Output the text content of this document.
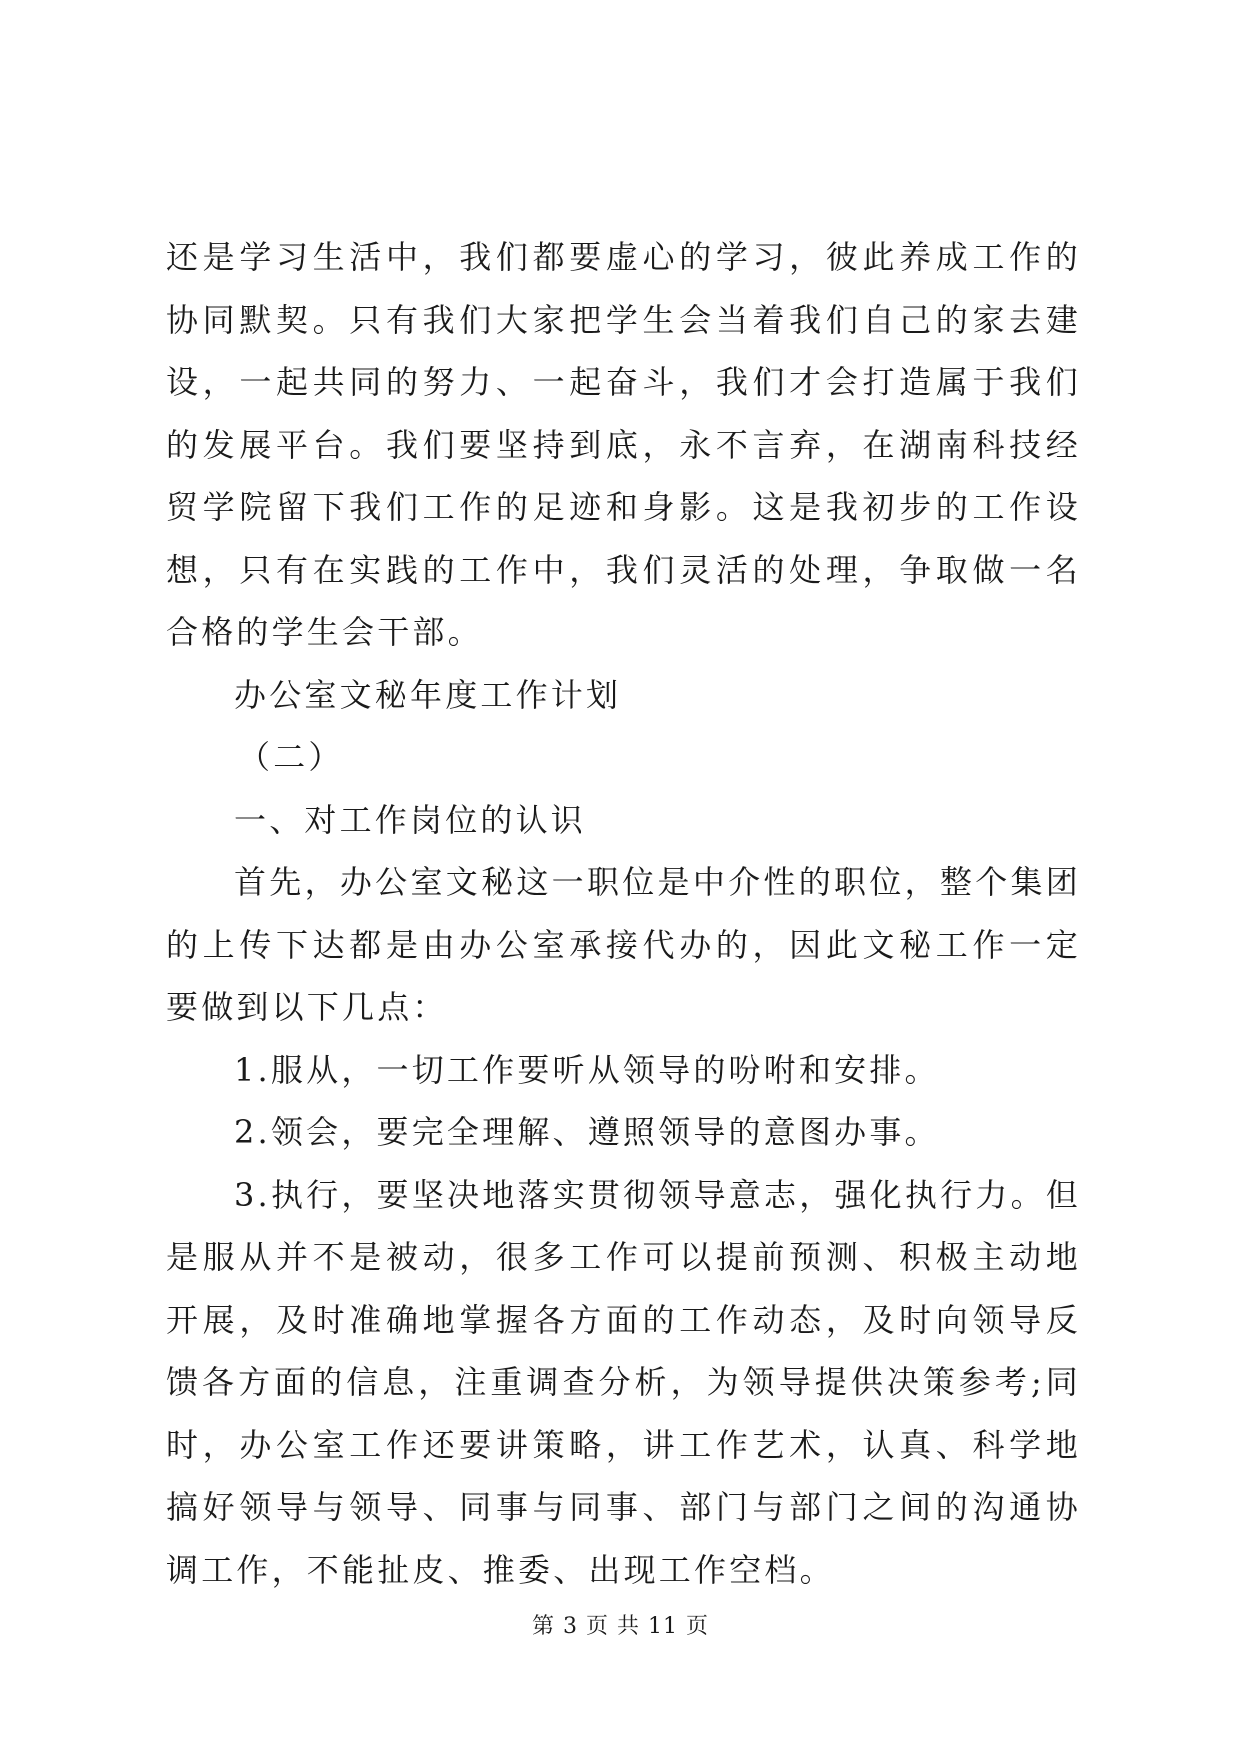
还是学习生活中，我们都要虚心的学习，彼此养成工作的协同默契。只有我们大家把学生会当着我们自己的家去建设，一起共同的努力、一起奋斗，我们才会打造属于我们的发展平台。我们要坚持到底，永不言弃，在湖南科技经贸学院留下我们工作的足迹和身影。这是我初步的工作设想，只有在实践的工作中，我们灵活的处理，争取做一名合格的学生会干部。

办公室文秘年度工作计划

（二）

一、对工作岗位的认识

首先，办公室文秘这一职位是中介性的职位，整个集团的上传下达都是由办公室承接代办的，因此文秘工作一定要做到以下几点：

1.服从，一切工作要听从领导的吩咐和安排。

2.领会，要完全理解、遵照领导的意图办事。

3.执行，要坚决地落实贯彻领导意志，强化执行力。但是服从并不是被动，很多工作可以提前预测、积极主动地开展，及时准确地掌握各方面的工作动态，及时向领导反馈各方面的信息，注重调查分析，为领导提供决策参考;同时，办公室工作还要讲策略，讲工作艺术，认真、科学地搞好领导与领导、同事与同事、部门与部门之间的沟通协调工作，不能扯皮、推委、出现工作空档。

第 3 页 共 11 页
